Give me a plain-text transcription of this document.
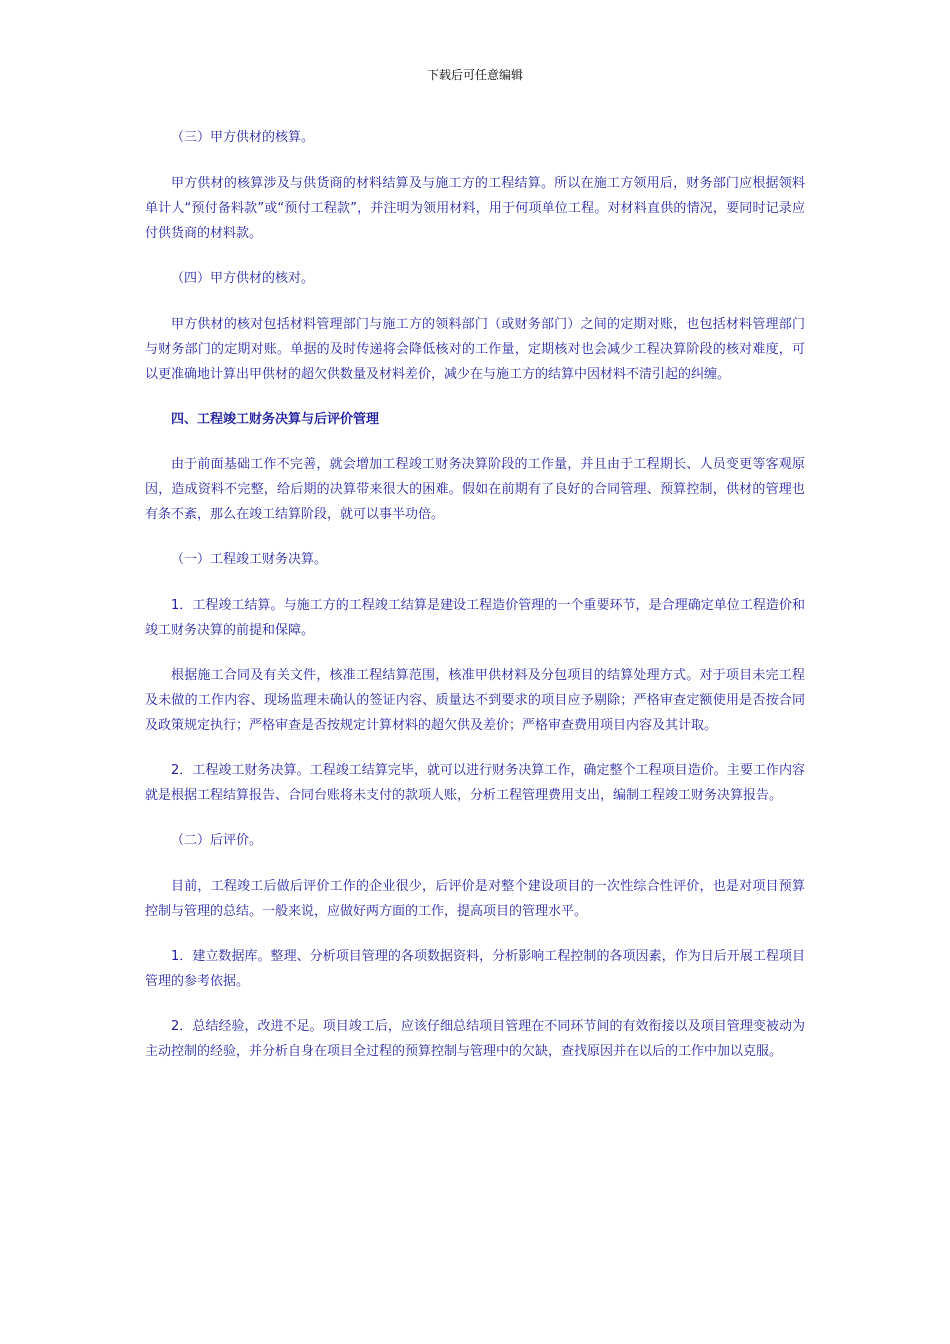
下载后可任意编辑

（三）甲方供材的核算。

甲方供材的核算涉及与供货商的材料结算及与施工方的工程结算。所以在施工方领用后，财务部门应根据领料单计人“预付备料款”或“预付工程款”，并注明为领用材料，用于何项单位工程。对材料直供的情况，要同时记录应付供货商的材料款。

（四）甲方供材的核对。

甲方供材的核对包括材料管理部门与施工方的领料部门（或财务部门）之间的定期对账，也包括材料管理部门与财务部门的定期对账。单据的及时传递将会降低核对的工作量，定期核对也会减少工程决算阶段的核对难度，可以更准确地计算出甲供材的超欠供数量及材料差价，减少在与施工方的结算中因材料不清引起的纠缠。

四、工程竣工财务决算与后评价管理

由于前面基础工作不完善，就会增加工程竣工财务决算阶段的工作量，并且由于工程期长、人员变更等客观原因，造成资料不完整，给后期的决算带来很大的困难。假如在前期有了良好的合同管理、预算控制，供材的管理也有条不紊，那么在竣工结算阶段，就可以事半功倍。

（一）工程竣工财务决算。

1．工程竣工结算。与施工方的工程竣工结算是建设工程造价管理的一个重要环节，是合理确定单位工程造价和竣工财务决算的前提和保障。

根据施工合同及有关文件，核准工程结算范围，核准甲供材料及分包项目的结算处理方式。对于项目未完工程及未做的工作内容、现场监理未确认的签证内容、质量达不到要求的项目应予剔除；严格审查定额使用是否按合同及政策规定执行；严格审查是否按规定计算材料的超欠供及差价；严格审查费用项目内容及其计取。

2．工程竣工财务决算。工程竣工结算完毕，就可以进行财务决算工作，确定整个工程项目造价。主要工作内容就是根据工程结算报告、合同台账将未支付的款项人账，分析工程管理费用支出，编制工程竣工财务决算报告。

（二）后评价。

目前，工程竣工后做后评价工作的企业很少，后评价是对整个建设项目的一次性综合性评价，也是对项目预算控制与管理的总结。一般来说，应做好两方面的工作，提高项目的管理水平。

1．建立数据库。整理、分析项目管理的各项数据资料，分析影响工程控制的各项因素，作为日后开展工程项目管理的参考依据。

2．总结经验，改进不足。项目竣工后，应该仔细总结项目管理在不同环节间的有效衔接以及项目管理变被动为主动控制的经验，并分析自身在项目全过程的预算控制与管理中的欠缺，查找原因并在以后的工作中加以克服。
